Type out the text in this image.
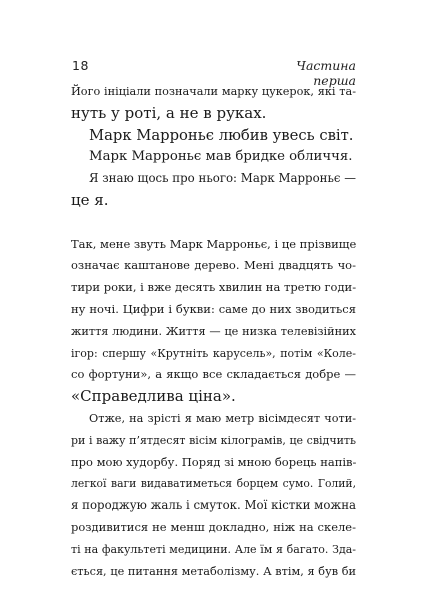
18	Частина перша
Його ініціали позначали марку цукерок, які та-
нуть у роті, а не в руках.
Марк Марроньє любив увесь світ.
Марк Марроньє мав бридке обличчя.
Я знаю щось про нього: Марк Марроньє —
це я.
Так, мене звуть Марк Марроньє, і це прізвище
означає каштанове дерево. Мені двадцять чо-
тири роки, і вже десять хвилин на третю годи-
ну ночі. Цифри і букви: саме до них зводиться
життя людини. Життя — це низка телевізійних
ігор: спершу «Крутніть карусель», потім «Коле-
со фортуни», а якщо все складається добре —
«Справедлива ціна».
Отже, на зрісті я маю метр вісімдесят чоти-
ри і важу п’ятдесят вісім кілограмів, це свідчить
про мою худорбу. Поряд зі мною борець напів-
легкої ваги видаватиметься борцем сумо. Голий,
я породжую жаль і смуток. Мої кістки можна
роздивитися не менш докладно, ніж на скеле-
ті на факультеті медицини. Але їм я багато. Зда-
ється, це питання метаболізму. А втім, я був би
